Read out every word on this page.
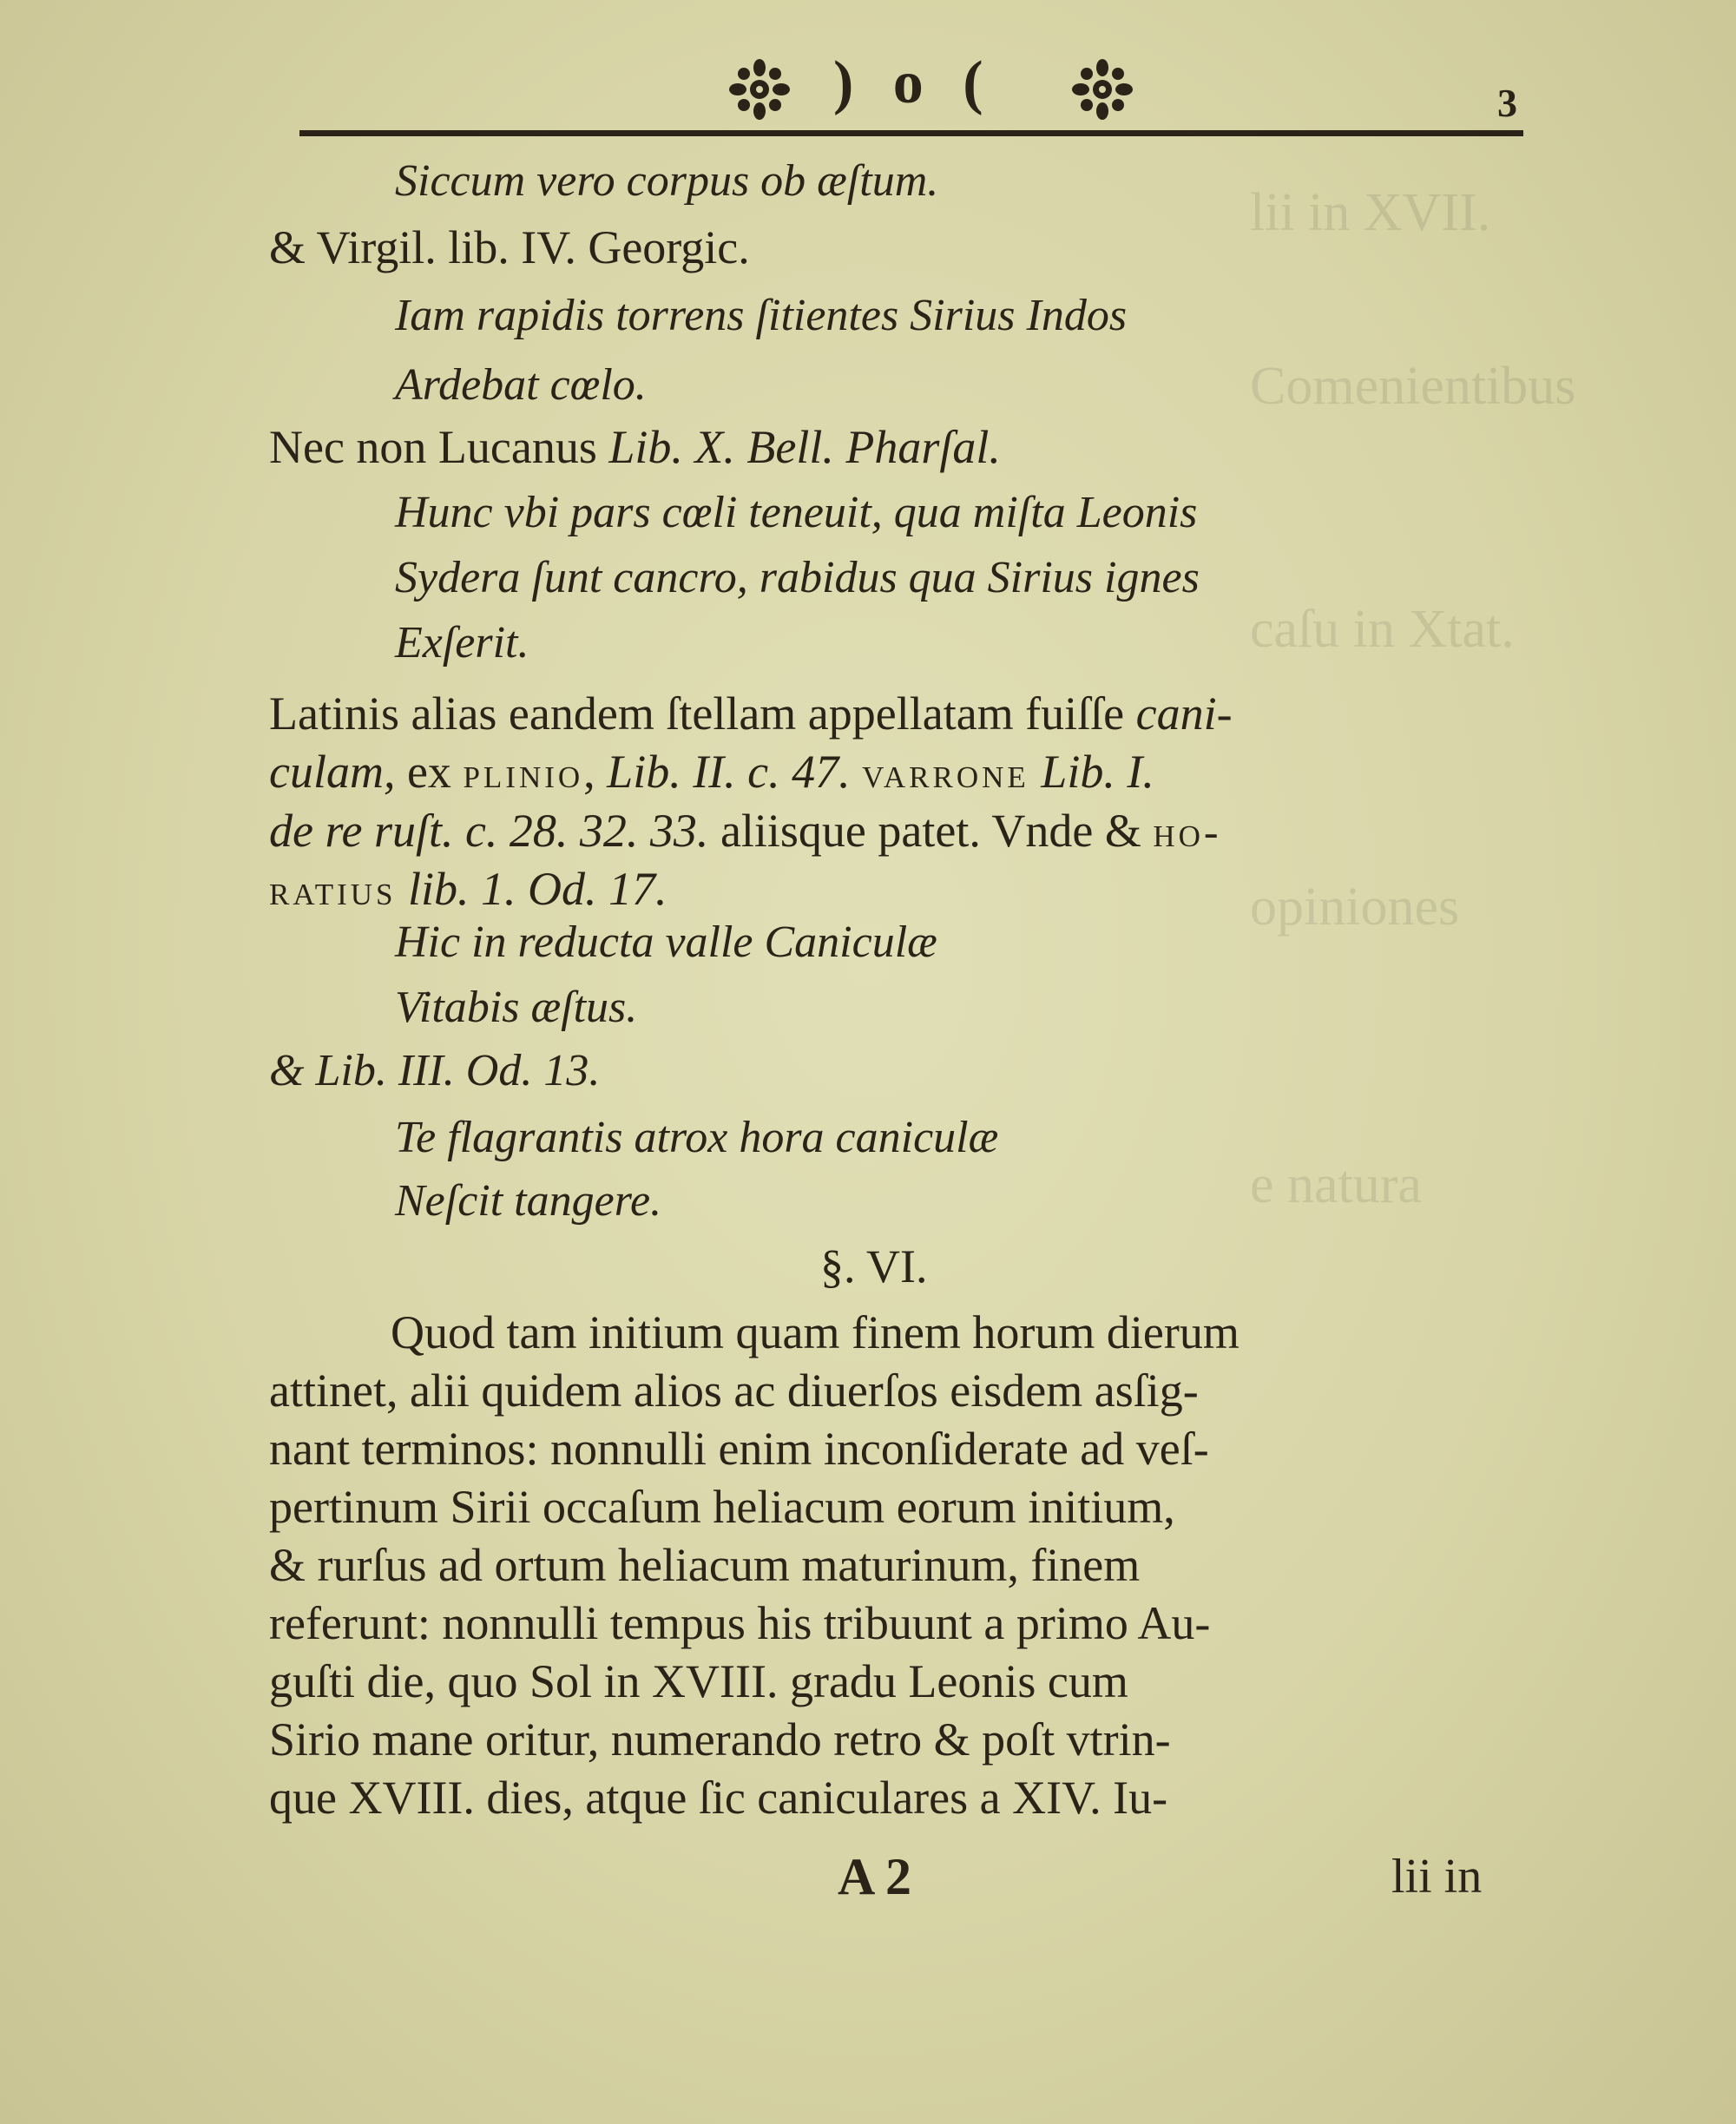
lii in XVII.
Comenientibus
caſu in Xtat.
opiniones
e natura
) o (	3
Siccum vero corpus ob æſtum.
& Virgil. lib. IV. Georgic.
Iam rapidis torrens ſitientes Sirius Indos
Ardebat cœlo.
Nec non Lucanus Lib. X. Bell. Pharſal.
Hunc vbi pars cœli teneuit, qua miſta Leonis
Sydera ſunt cancro, rabidus qua Sirius ignes
Exſerit.
Latinis alias eandem ſtellam appellatam fuiſſe cani-
culam, ex plinio, Lib. II. c. 47. varrone Lib. I.
de re ruſt. c. 28. 32. 33. aliisque patet. Vnde & ho-
ratius lib. 1. Od. 17.
Hic in reducta valle Caniculæ
Vitabis æſtus.
& Lib. III. Od. 13.
Te flagrantis atrox hora caniculæ
Neſcit tangere.
§. VI.
Quod tam initium quam finem horum dierum
attinet, alii quidem alios ac diuerſos eisdem asſig-
nant terminos: nonnulli enim inconſiderate ad veſ-
pertinum Sirii occaſum heliacum eorum initium,
& rurſus ad ortum heliacum maturinum, finem
referunt: nonnulli tempus his tribuunt a primo Au-
guſti die, quo Sol in XVIII. gradu Leonis cum
Sirio mane oritur, numerando retro & poſt vtrin-
que XVIII. dies, atque ſic caniculares a XIV. Iu-
A 2	lii in
